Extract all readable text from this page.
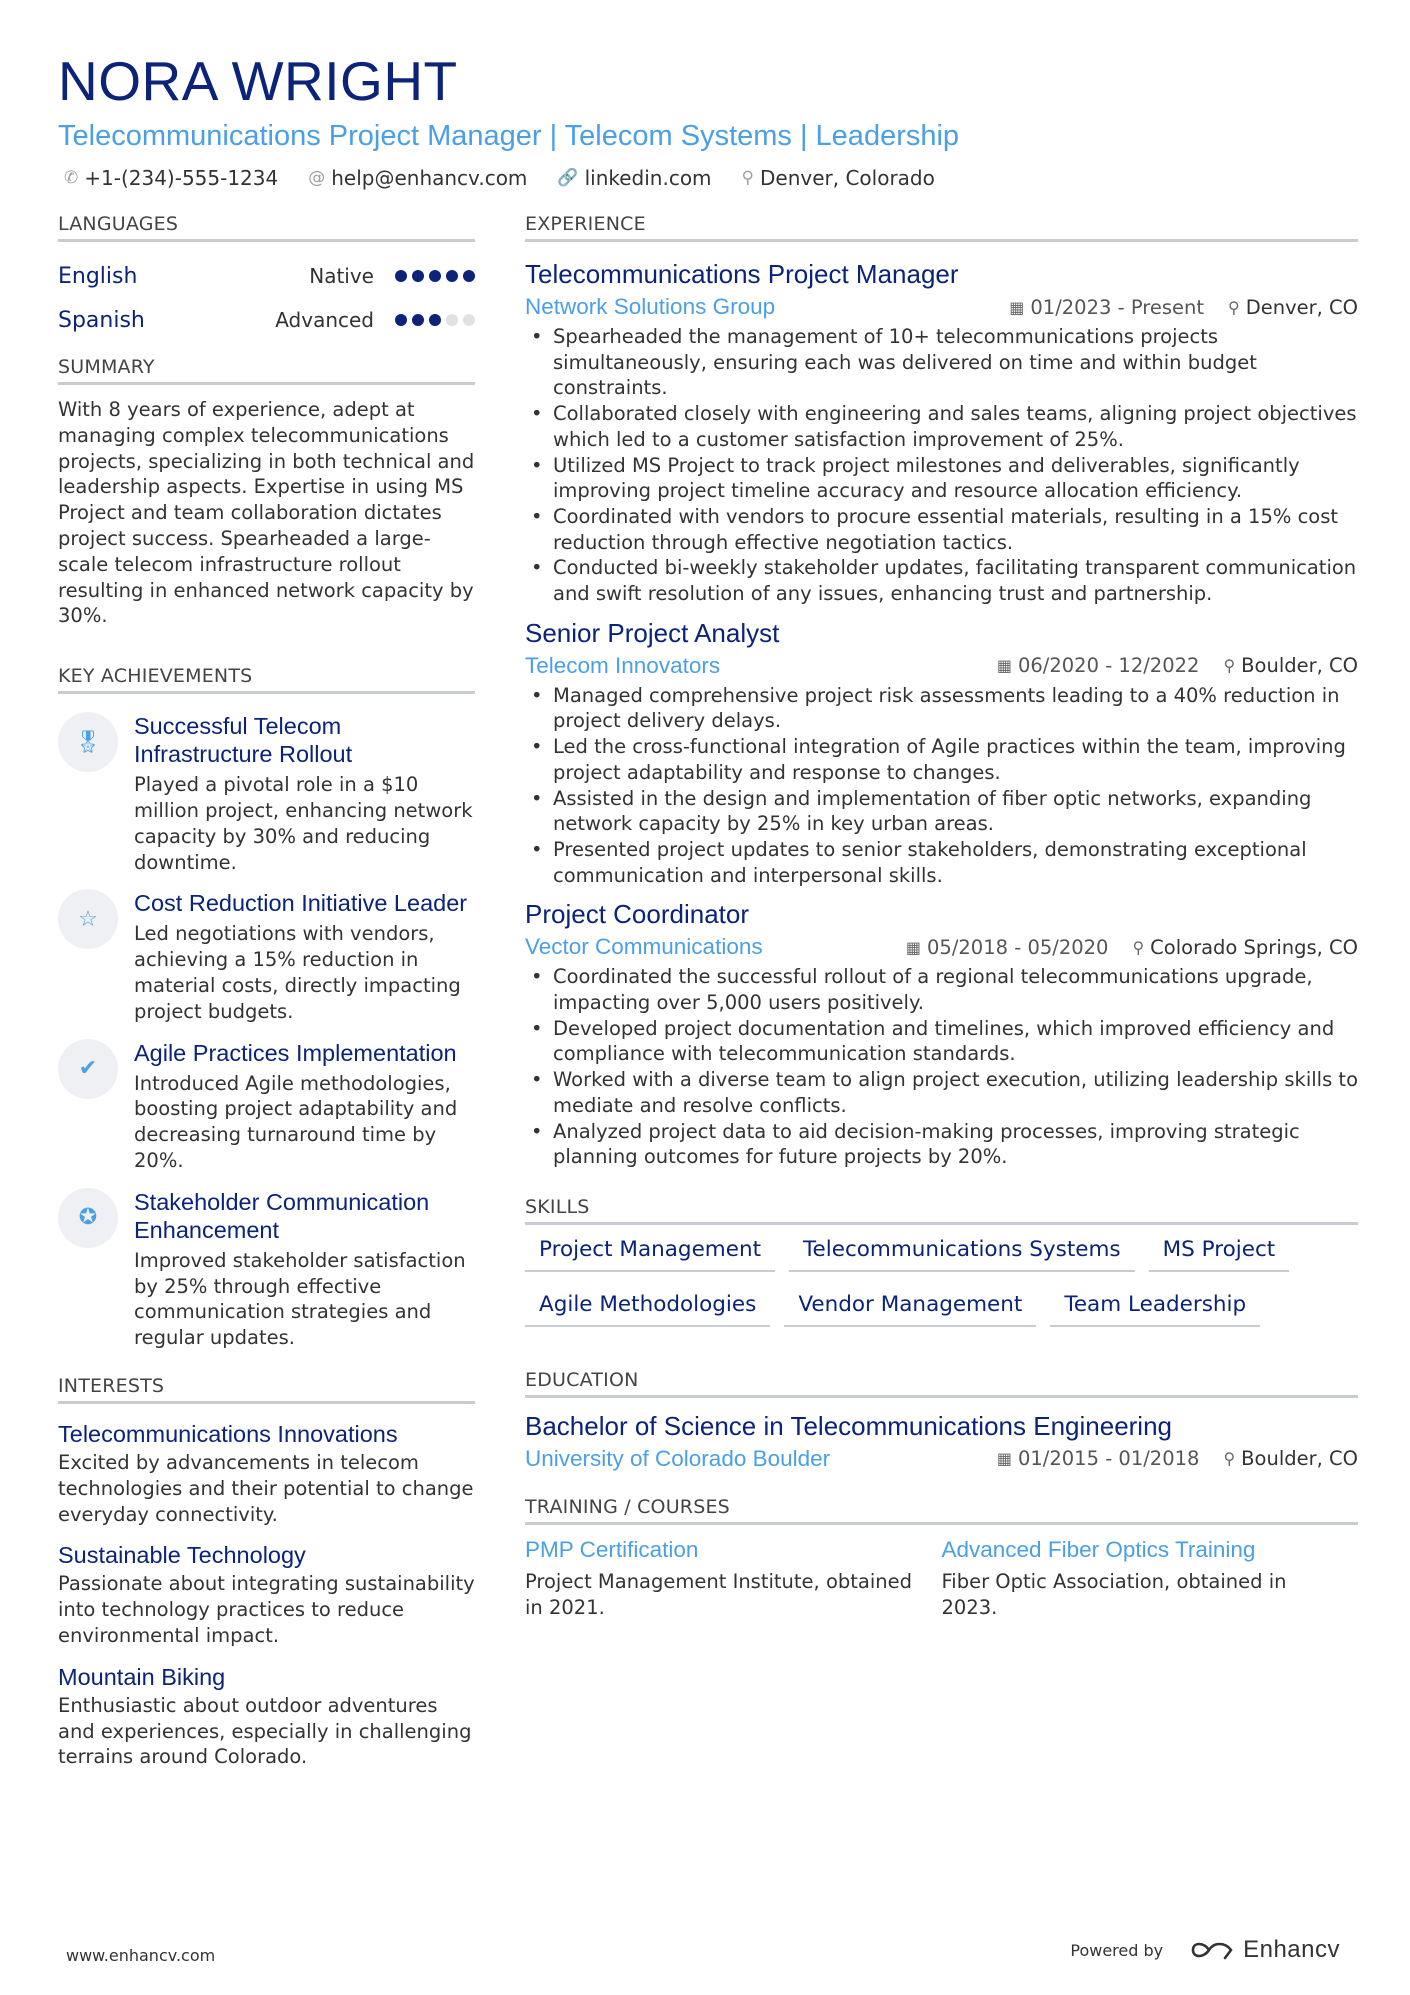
NORA WRIGHT
Telecommunications Project Manager | Telecom Systems | Leadership
✆ +1-(234)-555-1234 @ help@enhancv.com 🔗 linkedin.com ⚲ Denver, Colorado
LANGUAGES
English	Native
Spanish	Advanced
SUMMARY
With 8 years of experience, adept at managing complex telecommunications projects, specializing in both technical and leadership aspects. Expertise in using MS Project and team collaboration dictates project success. Spearheaded a large-scale telecom infrastructure rollout resulting in enhanced network capacity by 30%.
KEY ACHIEVEMENTS
🎖
Successful Telecom Infrastructure Rollout
Played a pivotal role in a $10 million project, enhancing network capacity by 30% and reducing downtime.
☆
Cost Reduction Initiative Leader
Led negotiations with vendors, achieving a 15% reduction in material costs, directly impacting project budgets.
✔
Agile Practices Implementation
Introduced Agile methodologies, boosting project adaptability and decreasing turnaround time by 20%.
✪
Stakeholder Communication Enhancement
Improved stakeholder satisfaction by 25% through effective communication strategies and regular updates.
INTERESTS
Telecommunications Innovations
Excited by advancements in telecom technologies and their potential to change everyday connectivity.
Sustainable Technology
Passionate about integrating sustainability into technology practices to reduce environmental impact.
Mountain Biking
Enthusiastic about outdoor adventures and experiences, especially in challenging terrains around Colorado.
EXPERIENCE
Telecommunications Project Manager
Network Solutions Group	▦ 01/2023 - Present ⚲ Denver, CO
• Spearheaded the management of 10+ telecommunications projects simultaneously, ensuring each was delivered on time and within budget constraints.
• Collaborated closely with engineering and sales teams, aligning project objectives which led to a customer satisfaction improvement of 25%.
• Utilized MS Project to track project milestones and deliverables, significantly improving project timeline accuracy and resource allocation efficiency.
• Coordinated with vendors to procure essential materials, resulting in a 15% cost reduction through effective negotiation tactics.
• Conducted bi-weekly stakeholder updates, facilitating transparent communication and swift resolution of any issues, enhancing trust and partnership.
Senior Project Analyst
Telecom Innovators	▦ 06/2020 - 12/2022 ⚲ Boulder, CO
• Managed comprehensive project risk assessments leading to a 40% reduction in project delivery delays.
• Led the cross-functional integration of Agile practices within the team, improving project adaptability and response to changes.
• Assisted in the design and implementation of fiber optic networks, expanding network capacity by 25% in key urban areas.
• Presented project updates to senior stakeholders, demonstrating exceptional communication and interpersonal skills.
Project Coordinator
Vector Communications	▦ 05/2018 - 05/2020 ⚲ Colorado Springs, CO
• Coordinated the successful rollout of a regional telecommunications upgrade, impacting over 5,000 users positively.
• Developed project documentation and timelines, which improved efficiency and compliance with telecommunication standards.
• Worked with a diverse team to align project execution, utilizing leadership skills to mediate and resolve conflicts.
• Analyzed project data to aid decision-making processes, improving strategic planning outcomes for future projects by 20%.
SKILLS
Project Management	Telecommunications Systems	MS Project
Agile Methodologies	Vendor Management	Team Leadership
EDUCATION
Bachelor of Science in Telecommunications Engineering
University of Colorado Boulder	▦ 01/2015 - 01/2018 ⚲ Boulder, CO
TRAINING / COURSES
PMP Certification
Project Management Institute, obtained in 2021.
Advanced Fiber Optics Training
Fiber Optic Association, obtained in 2023.
www.enhancv.com	Powered by	Enhancv
